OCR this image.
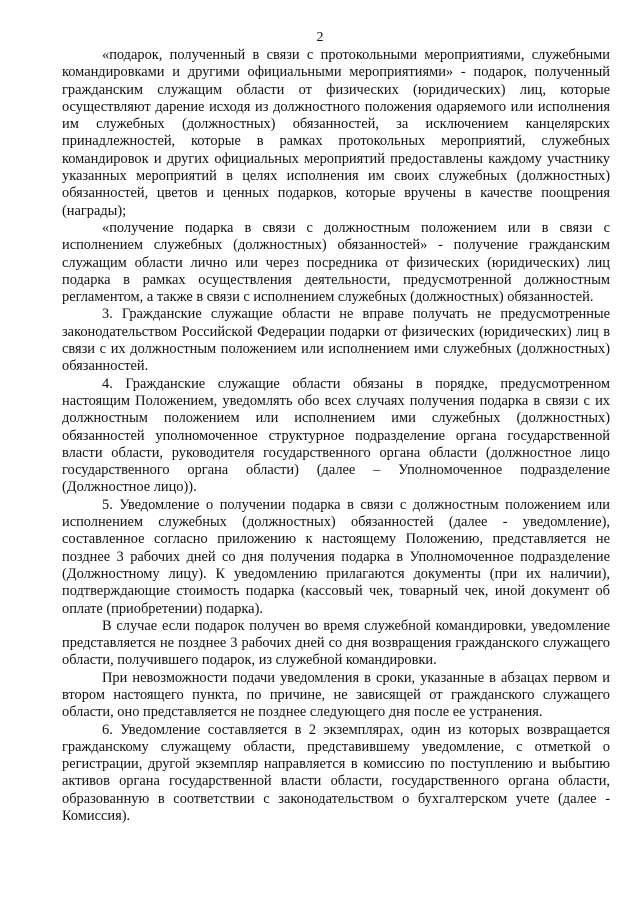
2

«подарок, полученный в связи с протокольными мероприятиями, служебными командировками и другими официальными мероприятиями» - подарок, полученный гражданским служащим области от физических (юридических) лиц, которые осуществляют дарение исходя из должностного положения одаряемого или исполнения им служебных (должностных) обязанностей, за исключением канцелярских принадлежностей, которые в рамках протокольных мероприятий, служебных командировок и других официальных мероприятий предоставлены каждому участнику указанных мероприятий в целях исполнения им своих служебных (должностных) обязанностей, цветов и ценных подарков, которые вручены в качестве поощрения (награды);

«получение подарка в связи с должностным положением или в связи с исполнением служебных (должностных) обязанностей» - получение гражданским служащим области лично или через посредника от физических (юридических) лиц подарка в рамках осуществления деятельности, предусмотренной должностным регламентом, а также в связи с исполнением служебных (должностных) обязанностей.

3. Гражданские служащие области не вправе получать не предусмотренные законодательством Российской Федерации подарки от физических (юридических) лиц в связи с их должностным положением или исполнением ими служебных (должностных) обязанностей.

4. Гражданские служащие области обязаны в порядке, предусмотренном настоящим Положением, уведомлять обо всех случаях получения подарка в связи с их должностным положением или исполнением ими служебных (должностных) обязанностей уполномоченное структурное подразделение органа государственной власти области, руководителя государственного органа области (должностное лицо государственного органа области) (далее – Уполномоченное подразделение (Должностное лицо)).

5. Уведомление о получении подарка в связи с должностным положением или исполнением служебных (должностных) обязанностей (далее - уведомление), составленное согласно приложению к настоящему Положению, представляется не позднее 3 рабочих дней со дня получения подарка в Уполномоченное подразделение (Должностному лицу). К уведомлению прилагаются документы (при их наличии), подтверждающие стоимость подарка (кассовый чек, товарный чек, иной документ об оплате (приобретении) подарка).

В случае если подарок получен во время служебной командировки, уведомление представляется не позднее 3 рабочих дней со дня возвращения гражданского служащего области, получившего подарок, из служебной командировки.

При невозможности подачи уведомления в сроки, указанные в абзацах первом и втором настоящего пункта, по причине, не зависящей от гражданского служащего области, оно представляется не позднее следующего дня после ее устранения.

6. Уведомление составляется в 2 экземплярах, один из которых возвращается гражданскому служащему области, представившему уведомление, с отметкой о регистрации, другой экземпляр направляется в комиссию по поступлению и выбытию активов органа государственной власти области, государственного органа области, образованную в соответствии с законодательством о бухгалтерском учете (далее - Комиссия).
